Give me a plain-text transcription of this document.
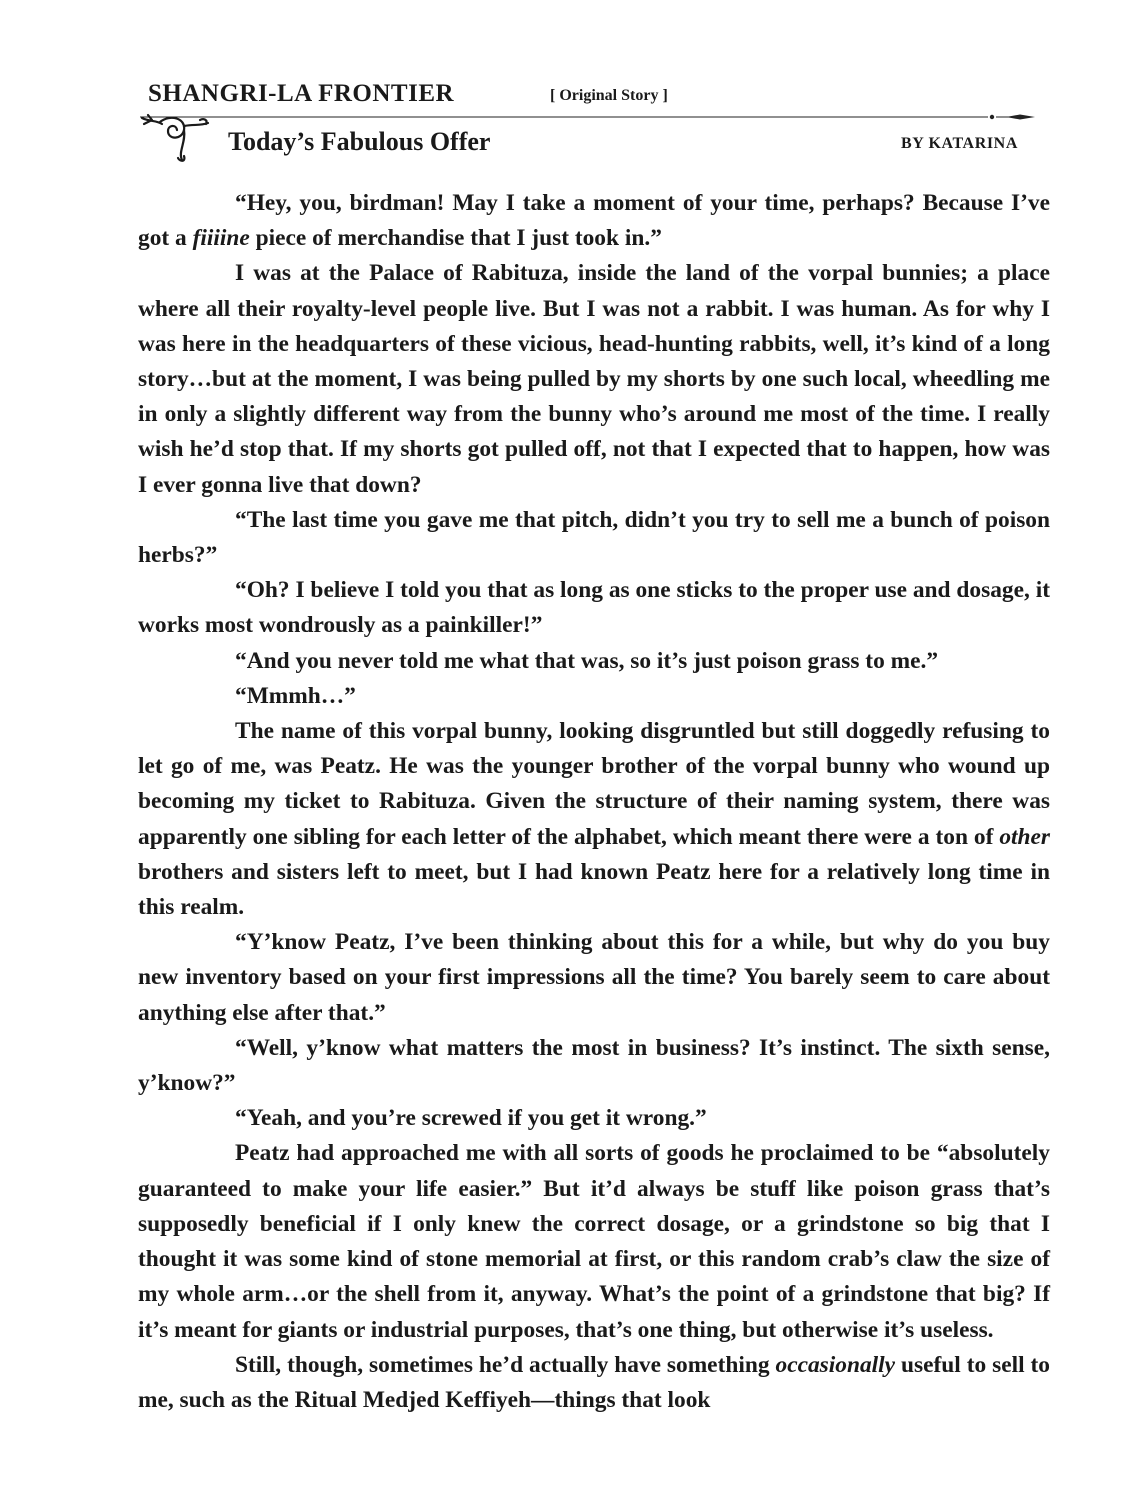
SHANGRI-LA FRONTIER	[ Original Story ]
Today’s Fabulous Offer	BY KATARINA

“Hey, you, birdman! May I take a moment of your time, perhaps? Because I’ve got a fiiiine piece of merchandise that I just took in.”

I was at the Palace of Rabituza, inside the land of the vorpal bunnies; a place where all their royalty-level people live. But I was not a rabbit. I was human. As for why I was here in the headquarters of these vicious, head-hunting rabbits, well, it’s kind of a long story…but at the moment, I was being pulled by my shorts by one such local, wheedling me in only a slightly different way from the bunny who’s around me most of the time. I really wish he’d stop that. If my shorts got pulled off, not that I expected that to happen, how was I ever gonna live that down?

“The last time you gave me that pitch, didn’t you try to sell me a bunch of poison herbs?”

“Oh? I believe I told you that as long as one sticks to the proper use and dosage, it works most wondrously as a painkiller!”

“And you never told me what that was, so it’s just poison grass to me.”

“Mmmh…”

The name of this vorpal bunny, looking disgruntled but still doggedly refusing to let go of me, was Peatz. He was the younger brother of the vorpal bunny who wound up becoming my ticket to Rabituza. Given the structure of their naming system, there was apparently one sibling for each letter of the alphabet, which meant there were a ton of other brothers and sisters left to meet, but I had known Peatz here for a relatively long time in this realm.

“Y’know Peatz, I’ve been thinking about this for a while, but why do you buy new inventory based on your first impressions all the time? You barely seem to care about anything else after that.”

“Well, y’know what matters the most in business? It’s instinct. The sixth sense, y’know?”

“Yeah, and you’re screwed if you get it wrong.”

Peatz had approached me with all sorts of goods he proclaimed to be “absolutely guaranteed to make your life easier.” But it’d always be stuff like poison grass that’s supposedly beneficial if I only knew the correct dosage, or a grindstone so big that I thought it was some kind of stone memorial at first, or this random crab’s claw the size of my whole arm…or the shell from it, anyway. What’s the point of a grindstone that big? If it’s meant for giants or industrial purposes, that’s one thing, but otherwise it’s useless.

Still, though, sometimes he’d actually have something occasionally useful to sell to me, such as the Ritual Medjed Keffiyeh—things that look
